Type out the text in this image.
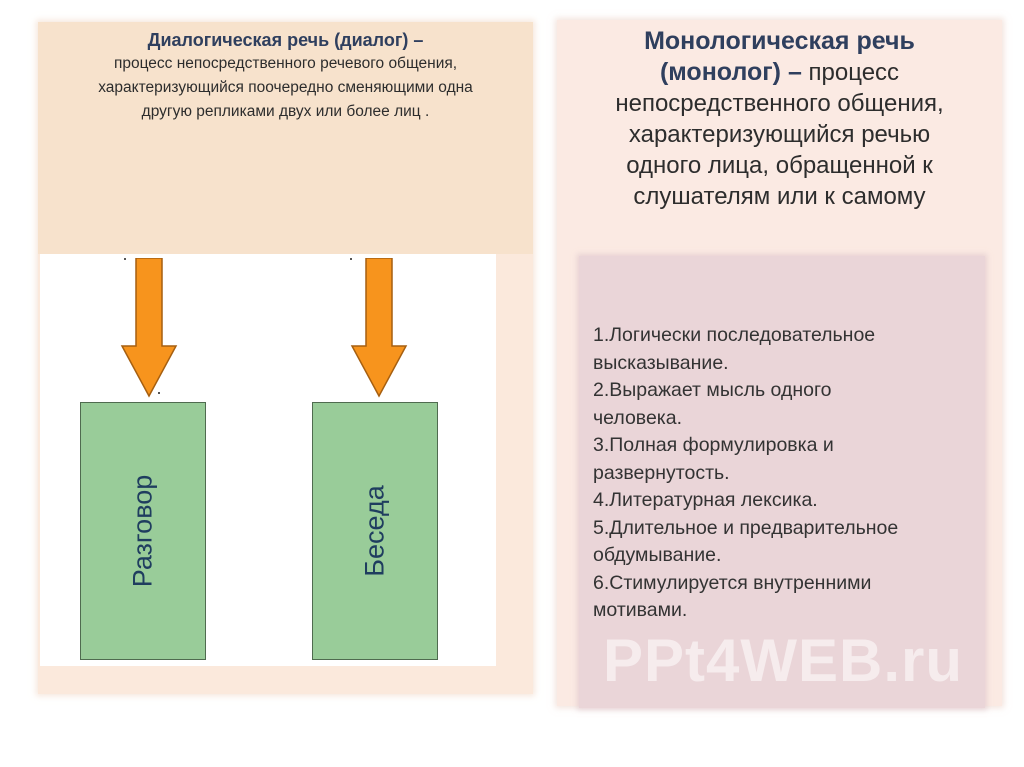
Диалогическая речь (диалог) –
процесс непосредственного речевого общения,
характеризующийся поочередно сменяющими одна
другую репликами двух или более лиц .
Разговор	Беседа
Монологическая речь
(монолог) – процесс
непосредственного общения,
характеризующийся речью
одного лица, обращенной к
слушателям или к самому
1.Логически последовательное
высказывание.
2.Выражает мысль одного
человека.
3.Полная формулировка и
развернутость.
4.Литературная лексика.
5.Длительное и предварительное
обдумывание.
6.Стимулируется внутренними
мотивами.
PPt4WEB.ru
